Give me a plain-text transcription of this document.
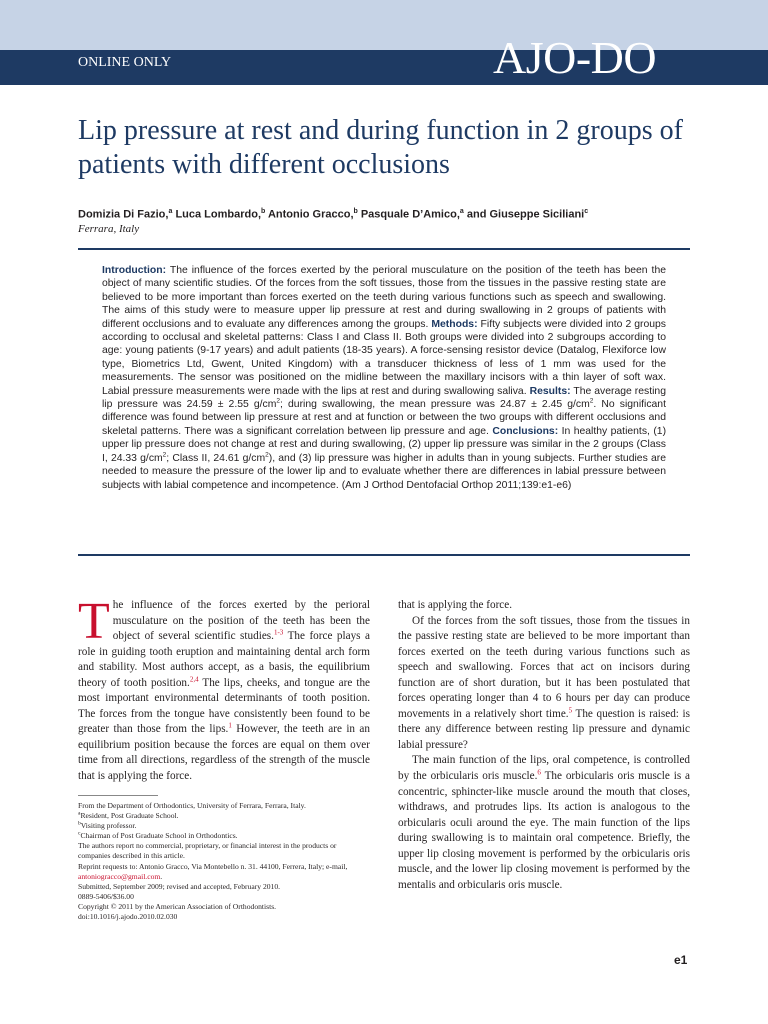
ONLINE ONLY	AJO-DO
Lip pressure at rest and during function in 2 groups of patients with different occlusions
Domizia Di Fazio,$^a$ Luca Lombardo,$^b$ Antonio Gracco,$^b$ Pasquale D’Amico,$^a$ and Giuseppe Siciliani$^c$
Ferrara, Italy

Introduction: The influence of the forces exerted by the perioral musculature on the position of the teeth has been the object of many scientific studies. Of the forces from the soft tissues, those from the tissues in the passive resting state are believed to be more important than forces exerted on the teeth during various functions such as speech and swallowing. The aims of this study were to measure upper lip pressure at rest and during swallowing in 2 groups of patients with different occlusions and to evaluate any differences among the groups. Methods: Fifty subjects were divided into 2 groups according to occlusal and skeletal patterns: Class I and Class II. Both groups were divided into 2 subgroups according to age: young patients (9-17 years) and adult patients (18-35 years). A force-sensing resistor device (Datalog, Flexiforce low type, Biometrics Ltd, Gwent, United Kingdom) with a transducer thickness of less of 1 mm was used for the measurements. The sensor was positioned on the midline between the maxillary incisors with a thin layer of soft wax. Labial pressure measurements were made with the lips at rest and during swallowing saliva. Results: The average resting lip pressure was 24.59 ± 2.55 $g/cm^2$; during swallowing, the mean pressure was 24.87 ± 2.45 $g/cm^2$. No significant difference was found between lip pressure at rest and at function or between the two groups with different occlusions and skeletal patterns. There was a significant correlation between lip pressure and age. Conclusions: In healthy patients, (1) upper lip pressure does not change at rest and during swallowing, (2) upper lip pressure was similar in the 2 groups (Class I, 24.33 $g/cm^2$; Class II, 24.61 $g/cm^2$), and (3) lip pressure was higher in adults than in young subjects. Further studies are needed to measure the pressure of the lower lip and to evaluate whether there are differences in labial pressure between subjects with labial competence and incompetence. (Am J Orthod Dentofacial Orthop 2011;139:e1-e6)

The influence of the forces exerted by the perioral musculature on the position of the teeth has been the object of several scientific studies.$^{1-3}$ The force plays a role in guiding tooth eruption and maintaining dental arch form and stability. Most authors accept, as a basis, the equilibrium theory of tooth position.$^{2,4}$ The lips, cheeks, and tongue are the most important environmental determinants of tooth position. The forces from the tongue have consistently been found to be greater than those from the lips.$^1$ However, the teeth are in an equilibrium position because the forces are equal on them over time from all directions, regardless of the strength of the muscle that is applying the force.

that is applying the force.

Of the forces from the soft tissues, those from the tissues in the passive resting state are believed to be more important than forces exerted on the teeth during various functions such as speech and swallowing. Forces that act on incisors during function are of short duration, but it has been postulated that forces operating longer than 4 to 6 hours per day can produce movements in a relatively short time.$^5$ The question is raised: is there any difference between resting lip pressure and dynamic labial pressure?

The main function of the lips, oral competence, is controlled by the orbicularis oris muscle.$^6$ The orbicularis oris muscle is a concentric, sphincter-like muscle around the mouth that closes, withdraws, and protrudes lips. Its action is analogous to the orbicularis oculi around the eye. The main function of the lips during swallowing is to maintain oral competence. Briefly, the upper lip closing movement is performed by the orbicularis oris muscle, and the lower lip closing movement is performed by the mentalis and orbicularis oris muscle.

From the Department of Orthodontics, University of Ferrara, Ferrara, Italy.
$^a$Resident, Post Graduate School.
$^b$Visiting professor.
$^c$Chairman of Post Graduate School in Orthodontics.
The authors report no commercial, proprietary, or financial interest in the products or companies described in this article.
Reprint requests to: Antonio Gracco, Via Montebello n. 31. 44100, Ferrera, Italy; e-mail, antoniogracco@gmail.com.
Submitted, September 2009; revised and accepted, February 2010.
0889-5406/$36.00
Copyright © 2011 by the American Association of Orthodontists.
doi:10.1016/j.ajodo.2010.02.030
e1
